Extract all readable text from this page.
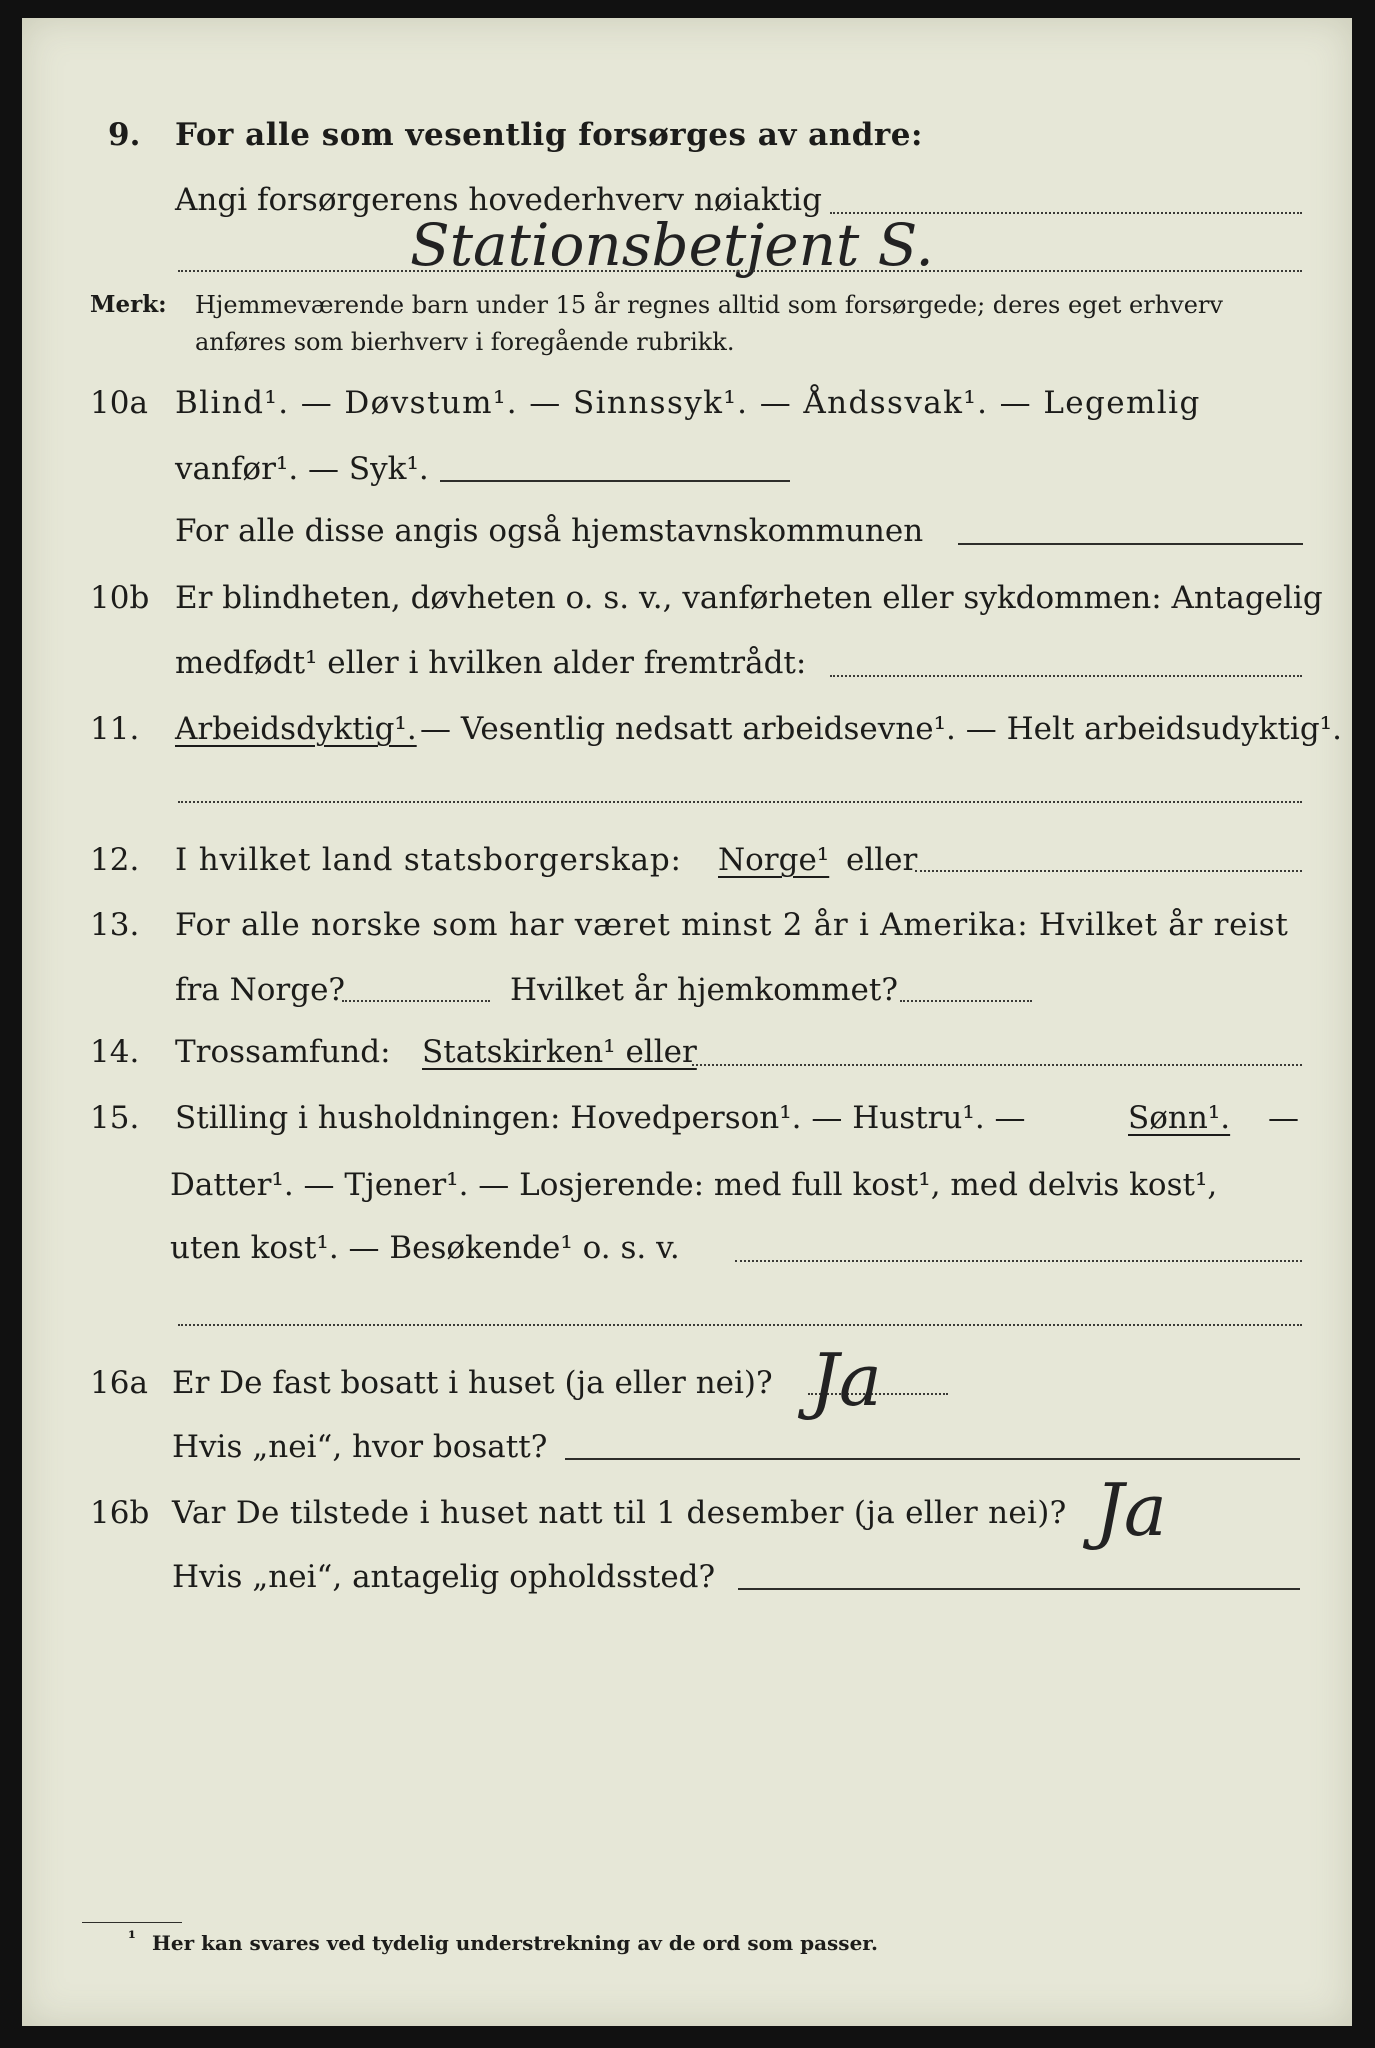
9. For alle som vesentlig forsørges av andre:
Angi forsørgerens hovederhverv nøiaktig
Stationsbetjent S.
Merk: Hjemmeværende barn under 15 år regnes alltid som forsørgede; deres eget erhverv
anføres som bierhverv i foregående rubrikk.
10a Blind¹. — Døvstum¹. — Sinnssyk¹. — Åndssvak¹. — Legemlig
vanfør¹. — Syk¹.
For alle disse angis også hjemstavnskommunen
10b Er blindheten, døvheten o. s. v., vanførheten eller sykdommen: Antagelig
medfødt¹ eller i hvilken alder fremtrådt:
11. Arbeidsdyktig¹. — Vesentlig nedsatt arbeidsevne¹. — Helt arbeidsudyktig¹.
12. I hvilket land statsborgerskap: Norge¹ eller
13. For alle norske som har været minst 2 år i Amerika: Hvilket år reist
fra Norge?	Hvilket år hjemkommet?
14. Trossamfund: Statskirken¹ eller
15. Stilling i husholdningen: Hovedperson¹. — Hustru¹. —	Sønn¹. —
Datter¹. — Tjener¹. — Losjerende: med full kost¹, med delvis kost¹,
uten kost¹. — Besøkende¹ o. s. v.
16a Er De fast bosatt i huset (ja eller nei)? Ja
Hvis „nei“, hvor bosatt?
16b Var De tilstede i huset natt til 1 desember (ja eller nei)? Ja
Hvis „nei“, antagelig opholdssted?
¹ Her kan svares ved tydelig understrekning av de ord som passer.
